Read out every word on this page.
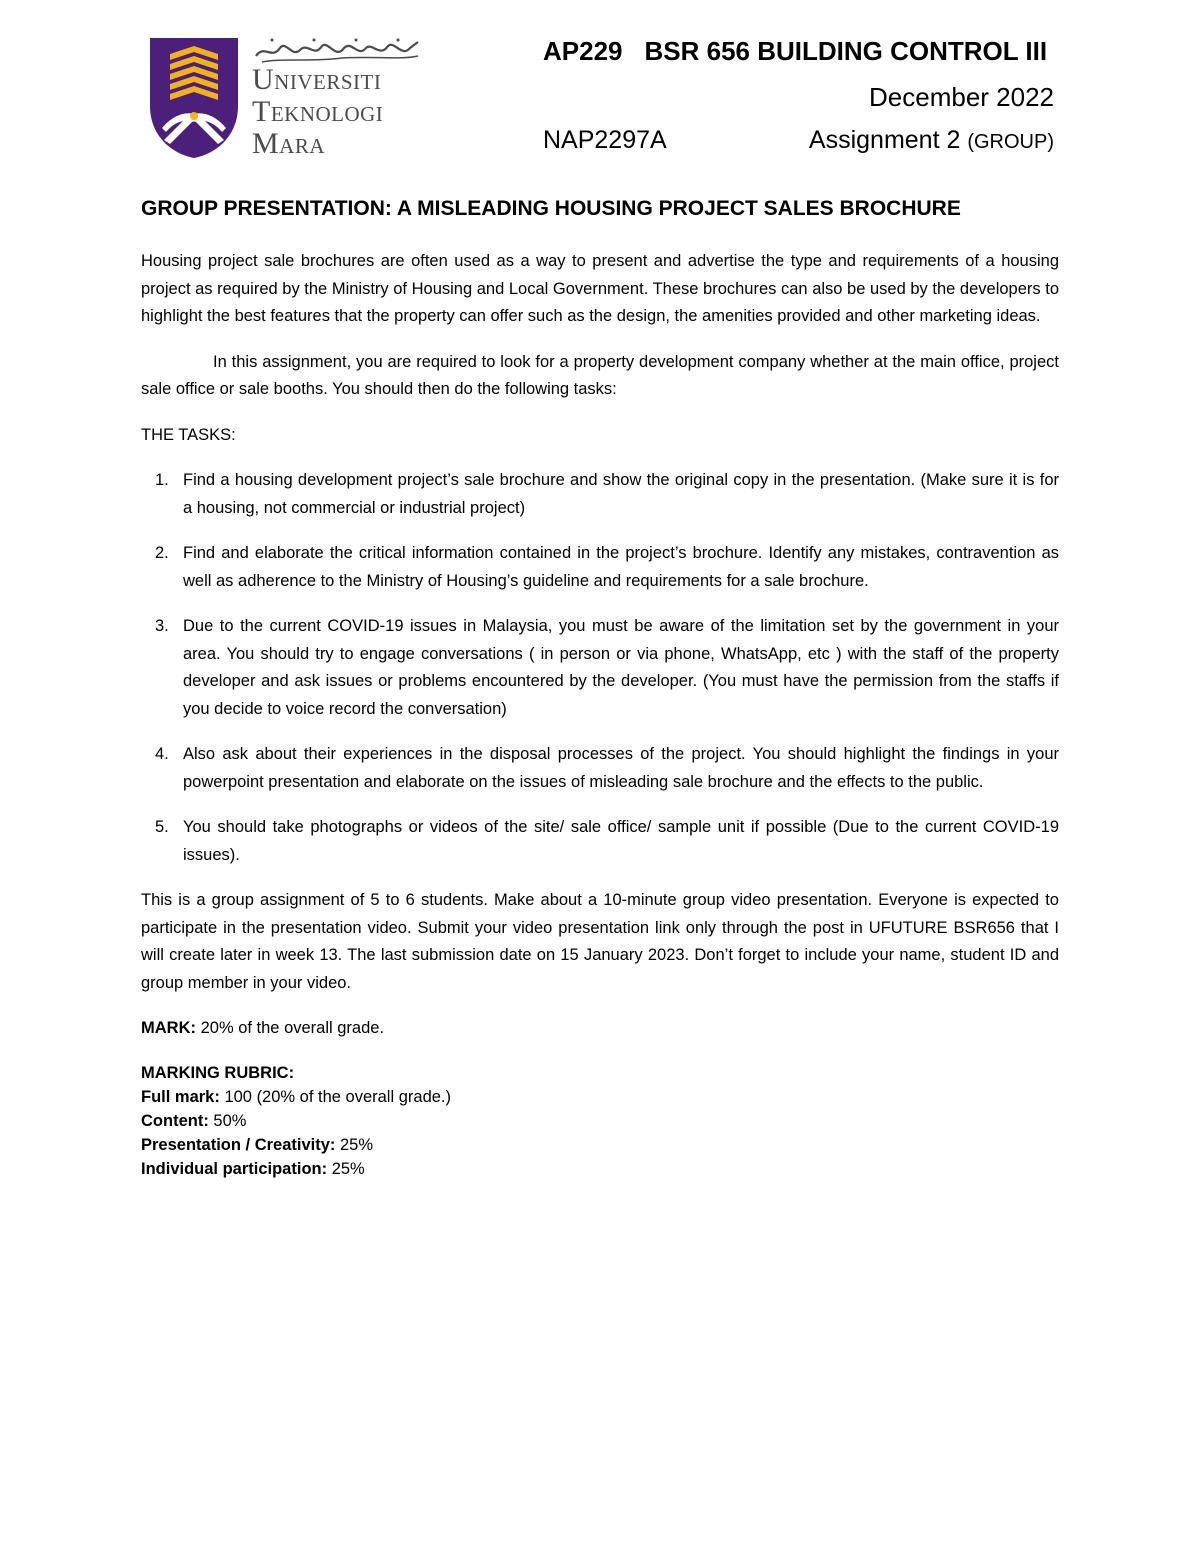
Universiti
Teknologi
Mara
AP229 BSR 656 BUILDING CONTROL III
December 2022
NAP2297A	Assignment 2 (GROUP)
GROUP PRESENTATION: A MISLEADING HOUSING PROJECT SALES BROCHURE

Housing project sale brochures are often used as a way to present and advertise the type and requirements of a housing project as required by the Ministry of Housing and Local Government. These brochures can also be used by the developers to highlight the best features that the property can offer such as the design, the amenities provided and other marketing ideas.

In this assignment, you are required to look for a property development company whether at the main office, project sale office or sale booths. You should then do the following tasks:

THE TASKS:
1. Find a housing development project’s sale brochure and show the original copy in the presentation. (Make sure it is for a housing, not commercial or industrial project)
2. Find and elaborate the critical information contained in the project’s brochure. Identify any mistakes, contravention as well as adherence to the Ministry of Housing’s guideline and requirements for a sale brochure.
3. Due to the current COVID-19 issues in Malaysia, you must be aware of the limitation set by the government in your area. You should try to engage conversations ( in person or via phone, WhatsApp, etc ) with the staff of the property developer and ask issues or problems encountered by the developer. (You must have the permission from the staffs if you decide to voice record the conversation)
4. Also ask about their experiences in the disposal processes of the project. You should highlight the findings in your powerpoint presentation and elaborate on the issues of misleading sale brochure and the effects to the public.
5. You should take photographs or videos of the site/ sale office/ sample unit if possible (Due to the current COVID-19 issues).

This is a group assignment of 5 to 6 students. Make about a 10-minute group video presentation. Everyone is expected to participate in the presentation video. Submit your video presentation link only through the post in UFUTURE BSR656 that I will create later in week 13. The last submission date on 15 January 2023. Don’t forget to include your name, student ID and group member in your video.

MARK: 20% of the overall grade.
MARKING RUBRIC:
Full mark: 100 (20% of the overall grade.)
Content: 50%
Presentation / Creativity: 25%
Individual participation: 25%
